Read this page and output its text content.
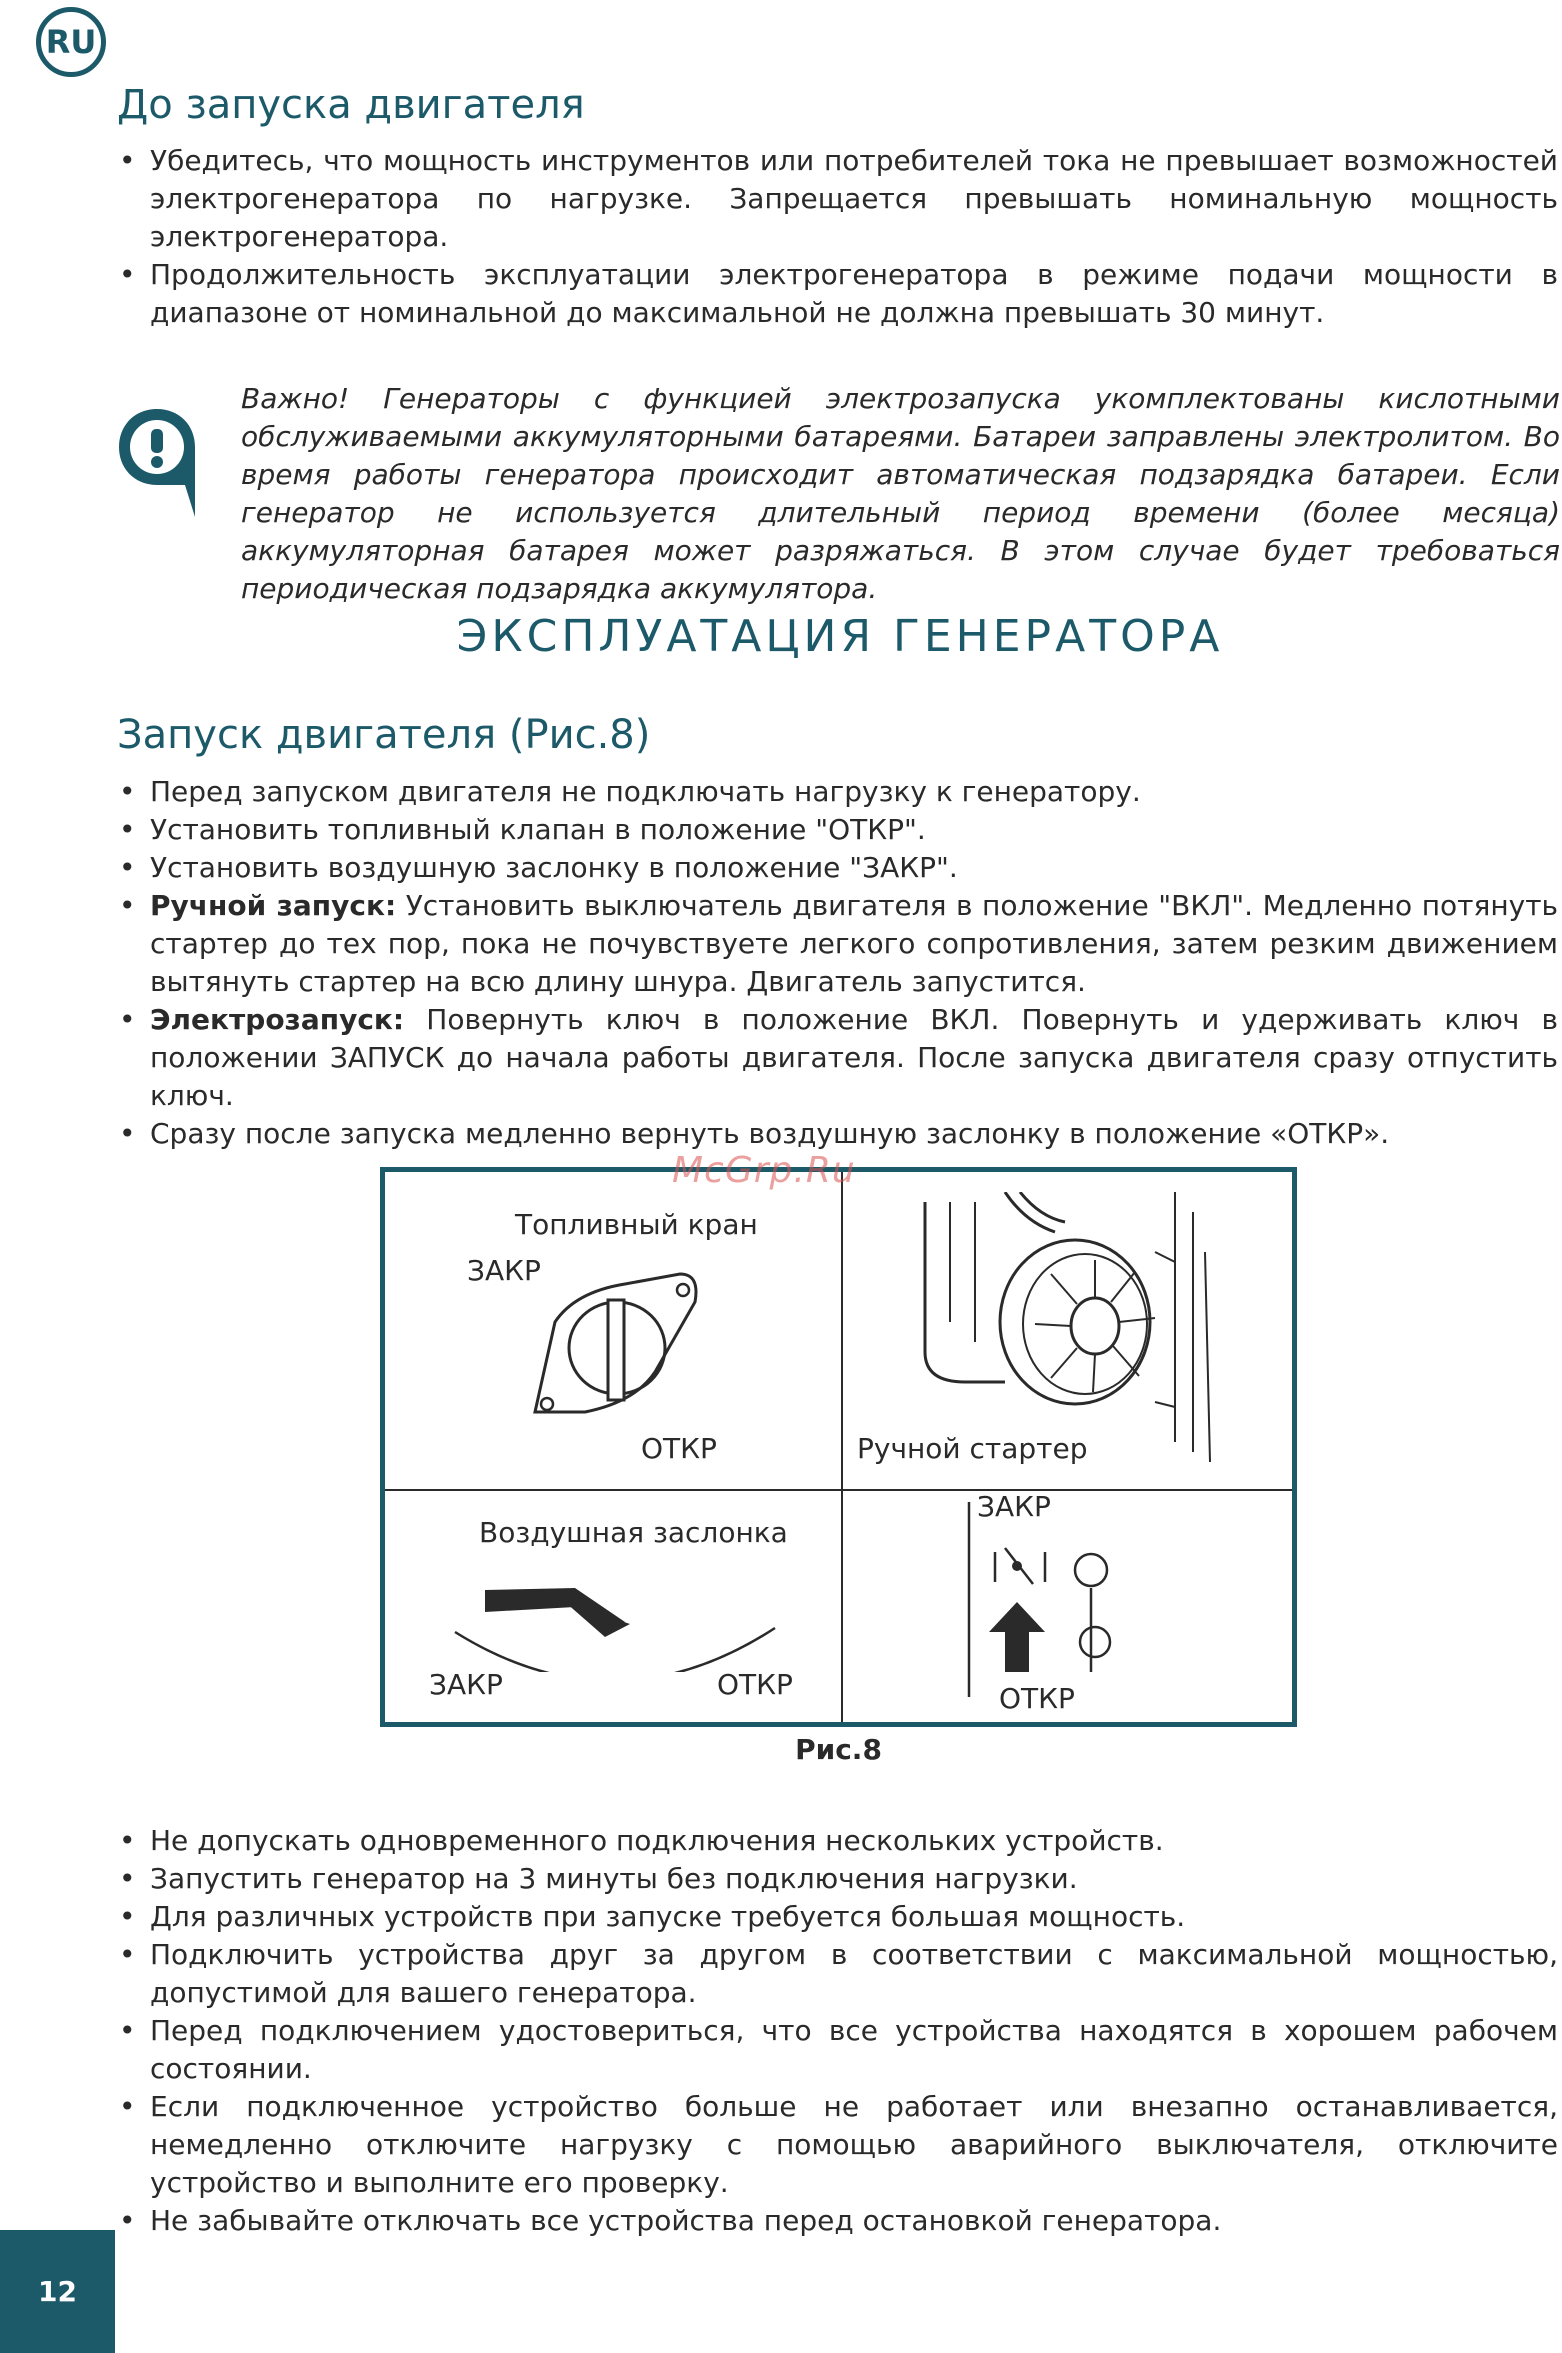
RU
До запуска двигателя
• Убедитесь, что мощность инструментов или потребителей тока не превышает возможностей электрогенератора по нагрузке. Запрещается превышать номинальную мощность электрогенератора.
• Продолжительность эксплуатации электрогенератора в режиме подачи мощности в диапазоне от номинальной до максимальной не должна превышать 30 минут.

Важно! Генераторы с функцией электрозапуска укомплектованы кислотными обслуживаемыми аккумуляторными батареями. Батареи заправлены электролитом. Во время работы генератора происходит автоматическая подзарядка батареи. Если генератор не используется длительный период времени (более месяца) аккумуляторная батарея может разряжаться. В этом случае будет требоваться периодическая подзарядка аккумулятора.

ЭКСПЛУАТАЦИЯ ГЕНЕРАТОРА
Запуск двигателя (Рис.8)
• Перед запуском двигателя не подключать нагрузку к генератору.
• Установить топливный клапан в положение "ОТКР".
• Установить воздушную заслонку в положение "ЗАКР".
• Ручной запуск: Установить выключатель двигателя в положение "ВКЛ". Медленно потянуть стартер до тех пор, пока не почувствуете легкого сопротивления, затем резким движением вытянуть стартер на всю длину шнура. Двигатель запустится.
• Электрозапуск: Повернуть ключ в положение ВКЛ. Повернуть и удерживать ключ в положении ЗАПУСК до начала работы двигателя. После запуска двигателя сразу отпустить ключ.
• Сразу после запуска медленно вернуть воздушную заслонку в положение «ОТКР».
Топливный кран
ЗАКР
ОТКР	Ручной стартер
Воздушная заслонка
ЗАКР	ОТКР
ЗАКР
ОТКР
McGrp.Ru
Рис.8
• Не допускать одновременного подключения нескольких устройств.
• Запустить генератор на 3 минуты без подключения нагрузки.
• Для различных устройств при запуске требуется большая мощность.
• Подключить устройства друг за другом в соответствии с максимальной мощностью, допустимой для вашего генератора.
• Перед подключением удостовериться, что все устройства находятся в хорошем рабочем состоянии.
• Если подключенное устройство больше не работает или внезапно останавливается, немедленно отключите нагрузку с помощью аварийного выключателя, отключите устройство и выполните его проверку.
• Не забывайте отключать все устройства перед остановкой генератора.
12
